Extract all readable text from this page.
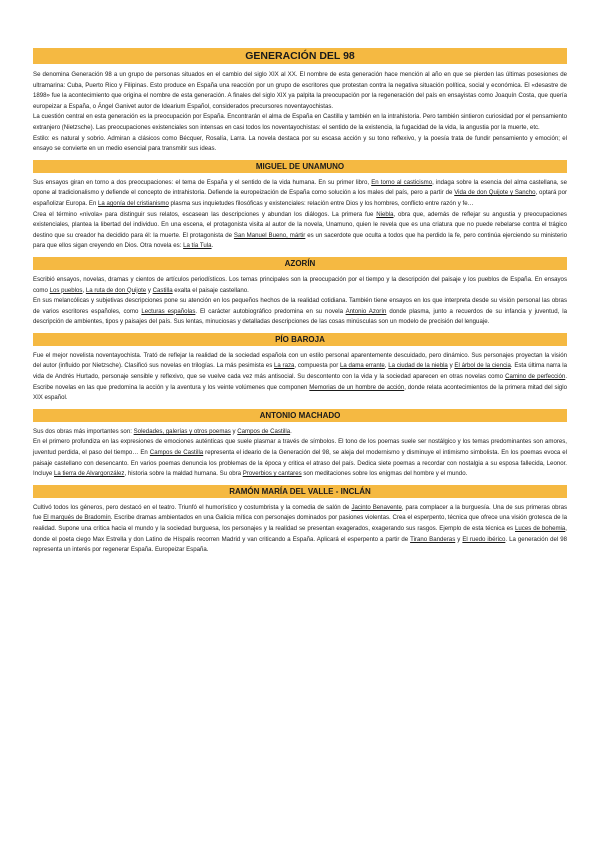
GENERACIÓN DEL 98

Se denomina Generación 98 a un grupo de personas situados en el cambio del siglo XIX al XX. El nombre de esta generación hace mención al año en que se pierden las últimas posesiones de ultramarina: Cuba, Puerto Rico y Filipinas. Esto produce en España una reacción por un grupo de escritores que protestan contra la negativa situación política, social y económica. El «desastre de 1898» fue la acontecimiento que origina el nombre de esta generación. A finales del siglo XIX ya palpita la preocupación por la regeneración del país en ensayistas como Joaquín Costa, que quería europeizar a España, o Ángel Ganivet autor de Idearium Español, considerados precursores noventayochistas.

La cuestión central en esta generación es la preocupación por España. Encontrarán el alma de España en Castilla y también en la intrahistoria. Pero también sintieron curiosidad por el pensamiento extranjero (Nietzsche). Las preocupaciones existenciales son intensas en casi todos los noventayochistas: el sentido de la existencia, la fugacidad de la vida, la angustia por la muerte, etc.

Estilo: es natural y sobrio. Admiran a clásicos como Bécquer, Rosalía, Larra. La novela destaca por su escasa acción y su tono reflexivo, y la poesía trata de fundir pensamiento y emoción; el ensayo se convierte en un medio esencial para transmitir sus ideas.

MIGUEL DE UNAMUNO

Sus ensayos giran en torno a dos preocupaciones: el tema de España y el sentido de la vida humana. En su primer libro, En torno al casticismo, indaga sobre la esencia del alma castellana, se opone al tradicionalismo y defiende el concepto de intrahistoria. Defiende la europeización de España como solución a los males del país, pero a partir de Vida de don Quijote y Sancho, optará por españolizar Europa. En La agonía del cristianismo plasma sus inquietudes filosóficas y existenciales: relación entre Dios y los hombres, conflicto entre razón y fe…

Crea el término «nivola» para distinguir sus relatos, escasean las descripciones y abundan los diálogos. La primera fue Niebla, obra que, además de reflejar su angustia y preocupaciones existenciales, plantea la libertad del individuo. En una escena, el protagonista visita al autor de la novela, Unamuno, quien le revela que es una criatura que no puede rebelarse contra el trágico destino que su creador ha decidido para él: la muerte. El protagonista de San Manuel Bueno, mártir es un sacerdote que oculta a todos que ha perdido la fe, pero continúa ejerciendo su ministerio para que ellos sigan creyendo en Dios. Otra novela es: La tía Tula.

AZORÍN

Escribió ensayos, novelas, dramas y cientos de artículos periodísticos. Los temas principales son la preocupación por el tiempo y la descripción del paisaje y los pueblos de España. En ensayos como Los pueblos, La ruta de don Quijote y Castilla exalta el paisaje castellano.

En sus melancólicas y subjetivas descripciones pone su atención en los pequeños hechos de la realidad cotidiana. También tiene ensayos en los que interpreta desde su visión personal las obras de varios escritores españoles, como Lecturas españolas. El carácter autobiográfico predomina en su novela Antonio Azorín donde plasma, junto a recuerdos de su infancia y juventud, la descripción de ambientes, tipos y paisajes del país. Sus lentas, minuciosas y detalladas descripciones de las cosas minúsculas son un modelo de precisión del lenguaje.

PÍO BAROJA

Fue el mejor novelista noventayochista. Trató de reflejar la realidad de la sociedad española con un estilo personal aparentemente descuidado, pero dinámico. Sus personajes proyectan la visión del autor (influido por Nietzsche). Clasificó sus novelas en trilogías. La más pesimista es La raza, compuesta por La dama errante, La ciudad de la niebla y El árbol de la ciencia. Esta última narra la vida de Andrés Hurtado, personaje sensible y reflexivo, que se vuelve cada vez más antisocial. Su descontento con la vida y la sociedad aparecen en otras novelas como Camino de perfección. Escribe novelas en las que predomina la acción y la aventura y los veinte volúmenes que componen Memorias de un hombre de acción, donde relata acontecimientos de la primera mitad del siglo XIX español.

ANTONIO MACHADO

Sus dos obras más importantes son: Soledades, galerías y otros poemas y Campos de Castilla.

En el primero profundiza en las expresiones de emociones auténticas que suele plasmar a través de símbolos. El tono de los poemas suele ser nostálgico y los temas predominantes son amores, juventud perdida, el paso del tiempo… En Campos de Castilla representa el ideario de la Generación del 98, se aleja del modernismo y disminuye el intimismo simbolista. En los poemas evoca el paisaje castellano con desencanto. En varios poemas denuncia los problemas de la época y critica el atraso del país. Dedica siete poemas a recordar con nostalgia a su esposa fallecida, Leonor. Incluye La tierra de Alvargonzález, historia sobre la maldad humana. Su obra Proverbios y cantares son meditaciones sobre los enigmas del hombre y el mundo.

RAMÓN MARÍA DEL VALLE - INCLÁN

Cultivó todos los géneros, pero destacó en el teatro. Triunfó el humorístico y costumbrista y la comedia de salón de Jacinto Benavente, para complacer a la burguesía. Una de sus primeras obras fue El marqués de Bradomín. Escribe dramas ambientados en una Galicia mítica con personajes dominados por pasiones violentas. Crea el esperpento, técnica que ofrece una visión grotesca de la realidad. Supone una crítica hacia el mundo y la sociedad burguesa, los personajes y la realidad se presentan exagerados, exagerando sus rasgos. Ejemplo de esta técnica es Luces de bohemia, donde el poeta ciego Max Estrella y don Latino de Híspalis recorren Madrid y van criticando a España. Aplicará el esperpento a partir de Tirano Banderas y El ruedo ibérico. La generación del 98 representa un interés por regenerar España. Europeizar España.
